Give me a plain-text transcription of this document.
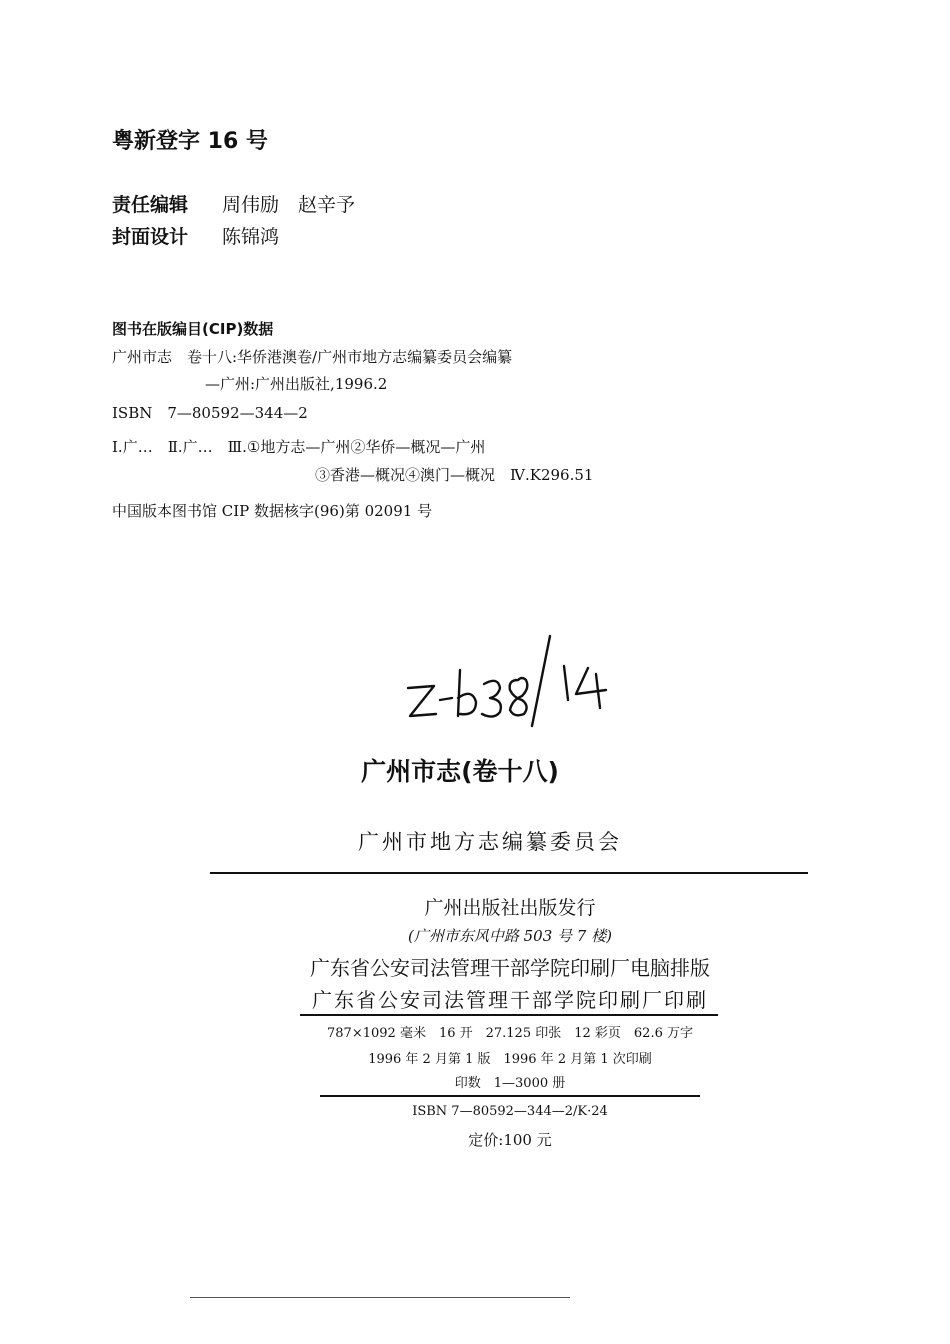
粤新登字 16 号
责任编辑 周伟励　赵辛予
封面设计 陈锦鸿
图书在版编目(CIP)数据
广州市志　卷十八:华侨港澳卷/广州市地方志编纂委员会编纂
—广州:广州出版社,1996.2
ISBN　7—80592—344—2
Ⅰ.广…　Ⅱ.广…　Ⅲ.①地方志—广州②华侨—概况—广州
③香港—概况④澳门—概况　Ⅳ.K296.51
中国版本图书馆 CIP 数据核字(96)第 02091 号
广州市志(卷十八)
广州市地方志编纂委员会
广州出版社出版发行
(广州市东风中路 503 号 7 楼)
广东省公安司法管理干部学院印刷厂电脑排版
广东省公安司法管理干部学院印刷厂印刷
787×1092 毫米　16 开　27.125 印张　12 彩页　62.6 万字
1996 年 2 月第 1 版　1996 年 2 月第 1 次印刷
印数　1—3000 册
ISBN 7—80592—344—2/K·24
定价:100 元
